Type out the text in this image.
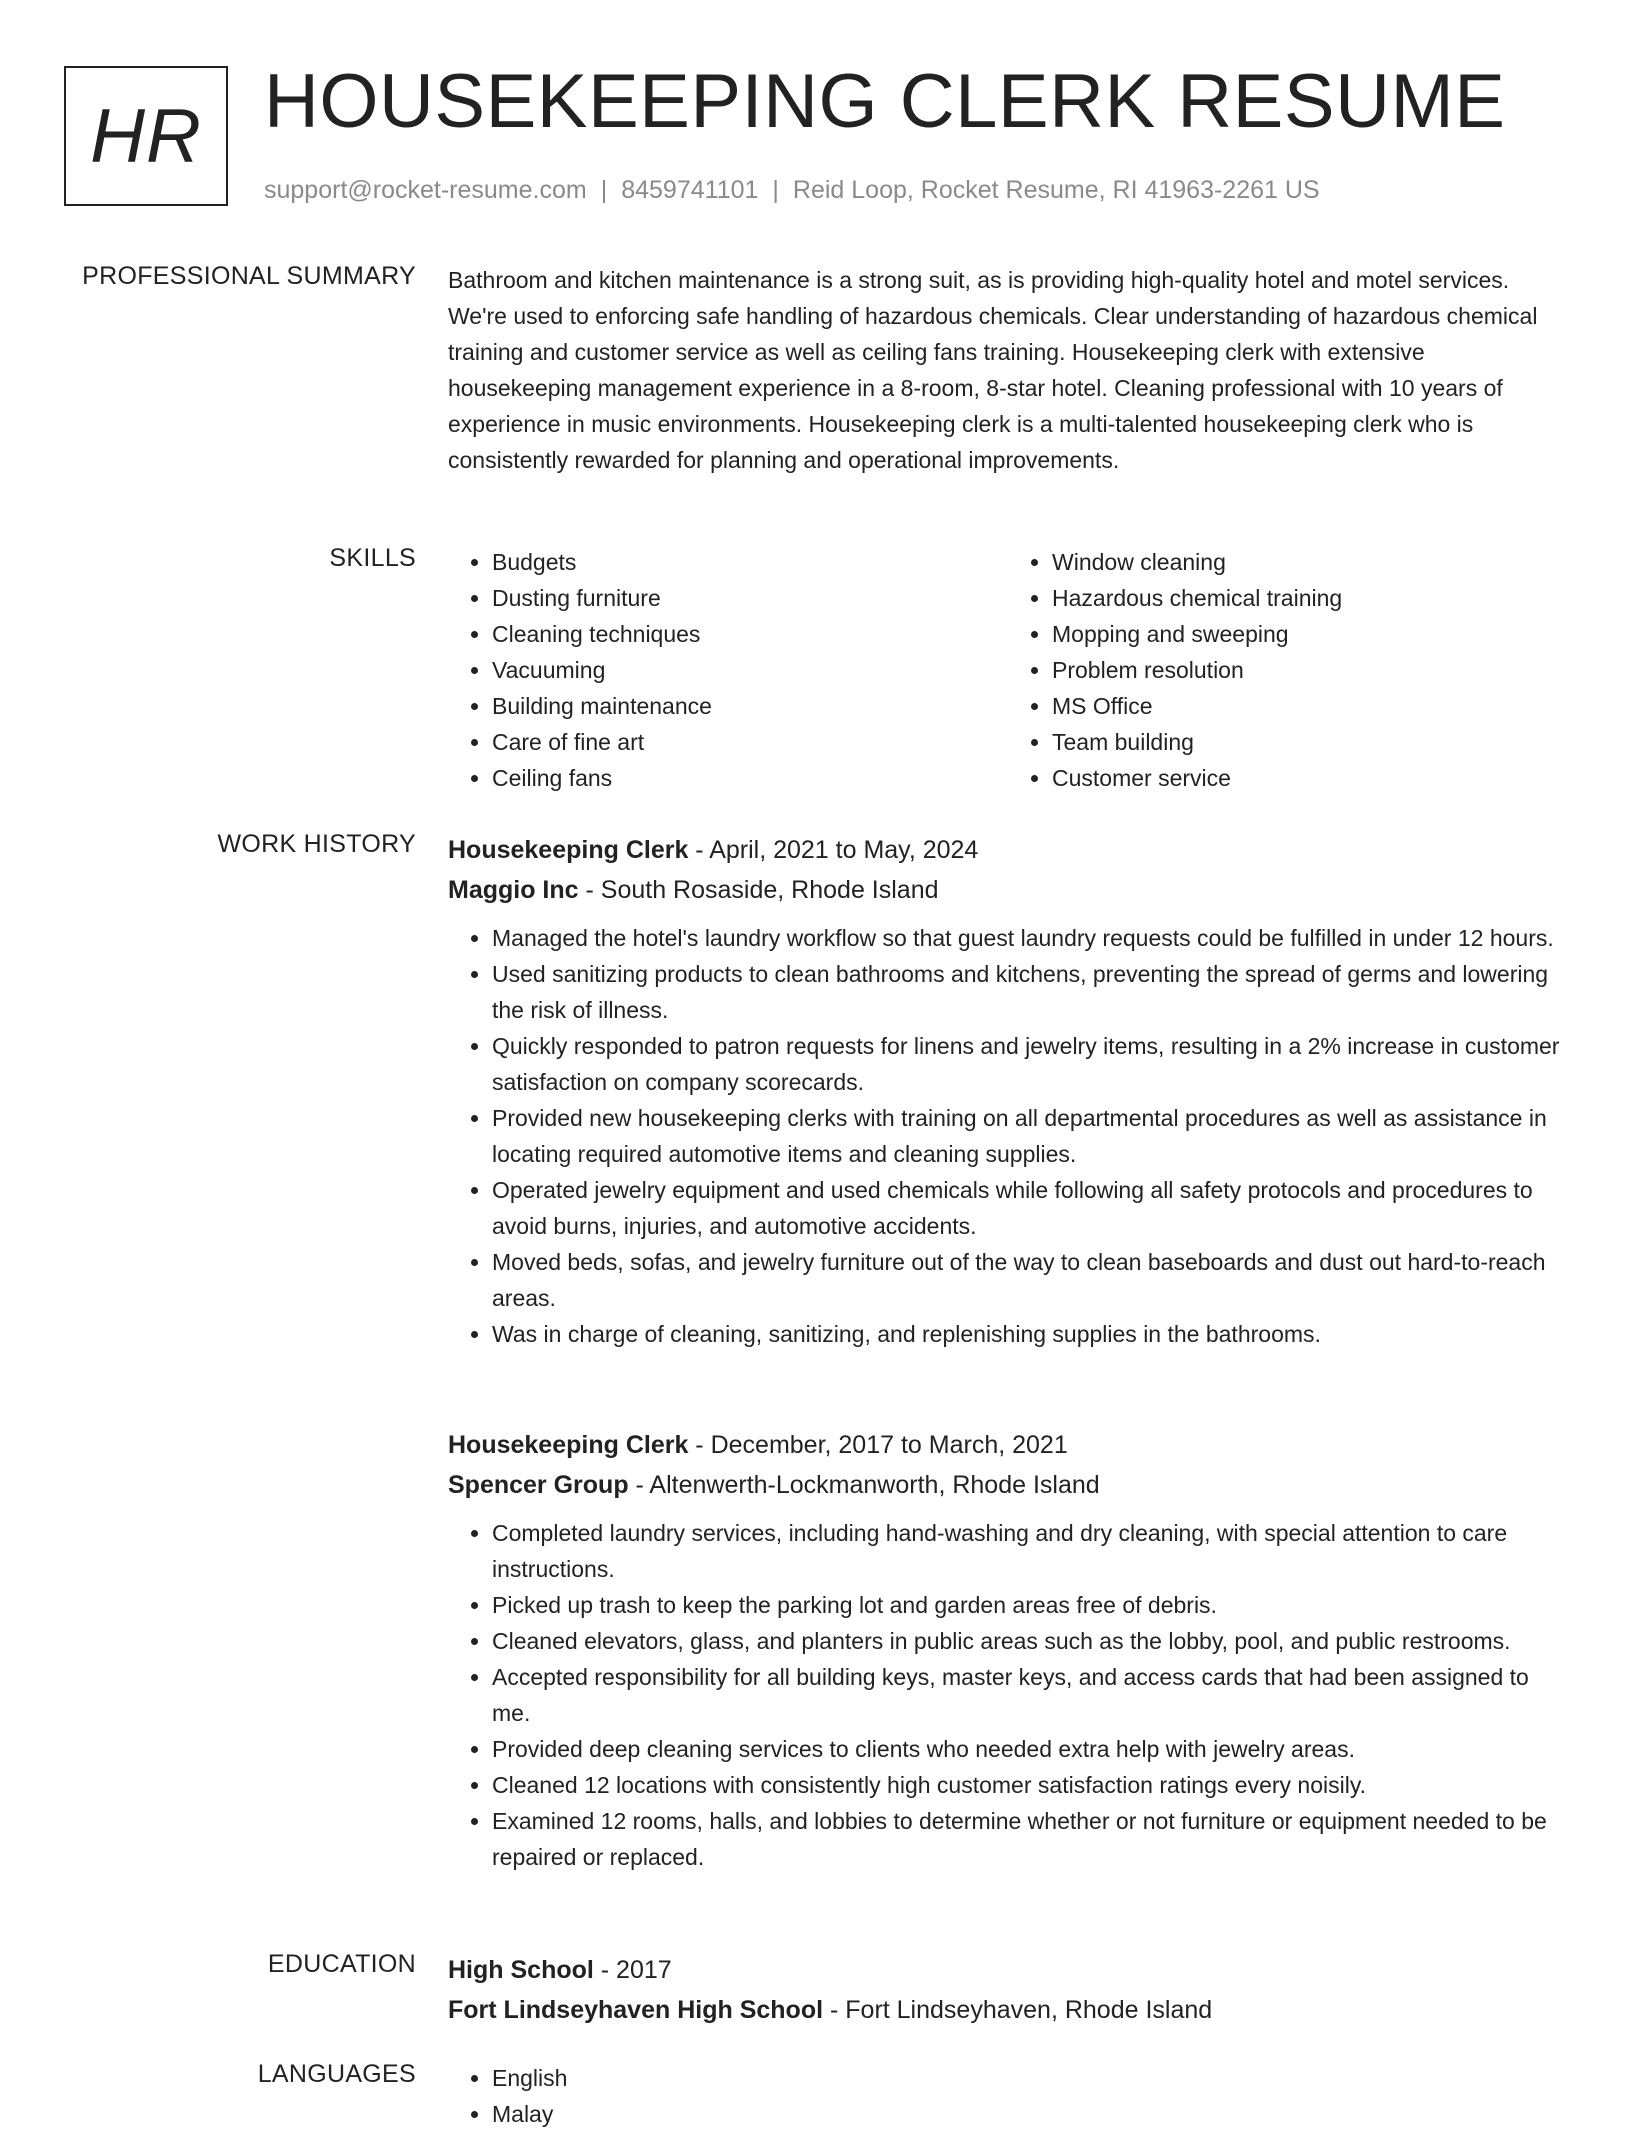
HR HOUSEKEEPING CLERK RESUME
support@rocket-resume.com | 8459741101 | Reid Loop, Rocket Resume, RI 41963-2261 US
PROFESSIONAL SUMMARY Bathroom and kitchen maintenance is a strong suit, as is providing high-quality hotel and motel services. We're used to enforcing safe handling of hazardous chemicals. Clear understanding of hazardous chemical training and customer service as well as ceiling fans training. Housekeeping clerk with extensive housekeeping management experience in a 8-room, 8-star hotel. Cleaning professional with 10 years of experience in music environments. Housekeeping clerk is a multi-talented housekeeping clerk who is consistently rewarded for planning and operational improvements.
SKILLS	• Budgets
• Dusting furniture
• Cleaning techniques
• Vacuuming
• Building maintenance
• Care of fine art
• Ceiling fans
• Window cleaning
• Hazardous chemical training
• Mopping and sweeping
• Problem resolution
• MS Office
• Team building
• Customer service
WORK HISTORY Housekeeping Clerk - April, 2021 to May, 2024
Maggio Inc - South Rosaside, Rhode Island
• Managed the hotel's laundry workflow so that guest laundry requests could be fulfilled in under 12 hours.
• Used sanitizing products to clean bathrooms and kitchens, preventing the spread of germs and lowering the risk of illness.
• Quickly responded to patron requests for linens and jewelry items, resulting in a 2% increase in customer satisfaction on company scorecards.
• Provided new housekeeping clerks with training on all departmental procedures as well as assistance in locating required automotive items and cleaning supplies.
• Operated jewelry equipment and used chemicals while following all safety protocols and procedures to avoid burns, injuries, and automotive accidents.
• Moved beds, sofas, and jewelry furniture out of the way to clean baseboards and dust out hard-to-reach areas.
• Was in charge of cleaning, sanitizing, and replenishing supplies in the bathrooms.
Housekeeping Clerk - December, 2017 to March, 2021
Spencer Group - Altenwerth-Lockmanworth, Rhode Island
• Completed laundry services, including hand-washing and dry cleaning, with special attention to care instructions.
• Picked up trash to keep the parking lot and garden areas free of debris.
• Cleaned elevators, glass, and planters in public areas such as the lobby, pool, and public restrooms.
• Accepted responsibility for all building keys, master keys, and access cards that had been assigned to me.
• Provided deep cleaning services to clients who needed extra help with jewelry areas.
• Cleaned 12 locations with consistently high customer satisfaction ratings every noisily.
• Examined 12 rooms, halls, and lobbies to determine whether or not furniture or equipment needed to be repaired or replaced.
EDUCATION High School - 2017
Fort Lindseyhaven High School - Fort Lindseyhaven, Rhode Island
LANGUAGES	• English
• Malay
